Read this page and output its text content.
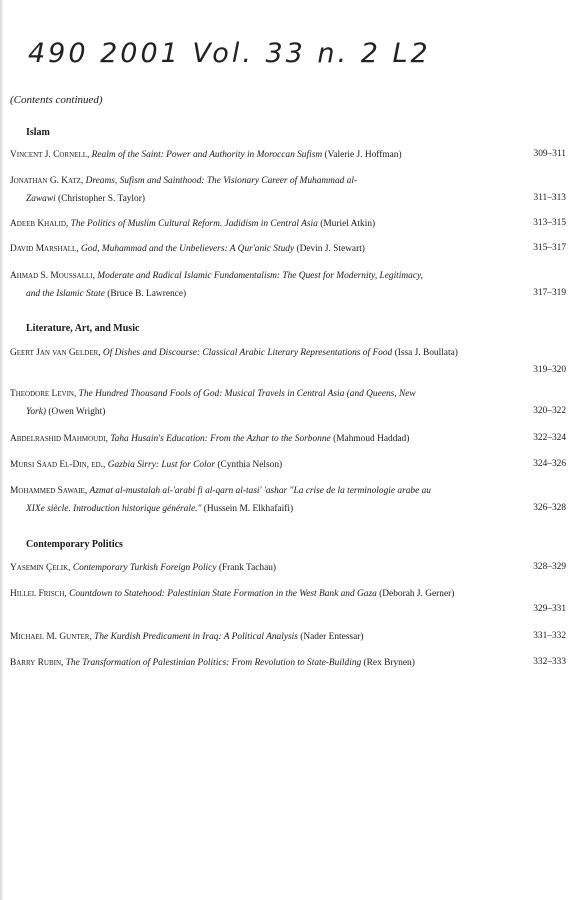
490 2001 Vol. 33 n. 2 L2
(Contents continued)
Islam
Vincent J. Cornell, Realm of the Saint: Power and Authority in Moroccan Sufism (Valerie J. Hoffman)	309–311
Jonathan G. Katz, Dreams, Sufism and Sainthood: The Visionary Career of Muhammad al-
Zawawi (Christopher S. Taylor)	311–313
Adeeb Khalid, The Politics of Muslim Cultural Reform. Jadidism in Central Asia (Muriel Atkin)	313–315
David Marshall, God, Muhammad and the Unbelievers: A Qur'anic Study (Devin J. Stewart)	315–317
Ahmad S. Moussalli, Moderate and Radical Islamic Fundamentalism: The Quest for Modernity, Legitimacy,
and the Islamic State (Bruce B. Lawrence)	317–319
Literature, Art, and Music
Geert Jan van Gelder, Of Dishes and Discourse: Classical Arabic Literary Representations of Food (Issa J. Boullata)
319–320
Theodore Levin, The Hundred Thousand Fools of God: Musical Travels in Central Asia (and Queens, New
York) (Owen Wright)	320–322
Abdelrashid Mahmoudi, Taha Husain's Education: From the Azhar to the Sorbonne (Mahmoud Haddad)	322–324
Mursi Saad El-Din, ed., Gazbia Sirry: Lust for Color (Cynthia Nelson)	324–326
Mohammed Sawaie, Azmat al-mustalah al-'arabi fi al-qarn al-tasi' 'ashar "La crise de la terminologie arabe au
XIXe siècle. Introduction historique générale." (Hussein M. Elkhafaifi)	326–328
Contemporary Politics
Yasemin Çelik, Contemporary Turkish Foreign Policy (Frank Tachau)	328–329
Hillel Frisch, Countdown to Statehood: Palestinian State Formation in the West Bank and Gaza (Deborah J. Gerner)
329–331
Michael M. Gunter, The Kurdish Predicament in Iraq: A Political Analysis (Nader Entessar)	331–332
Barry Rubin, The Transformation of Palestinian Politics: From Revolution to State-Building (Rex Brynen)	332–333
